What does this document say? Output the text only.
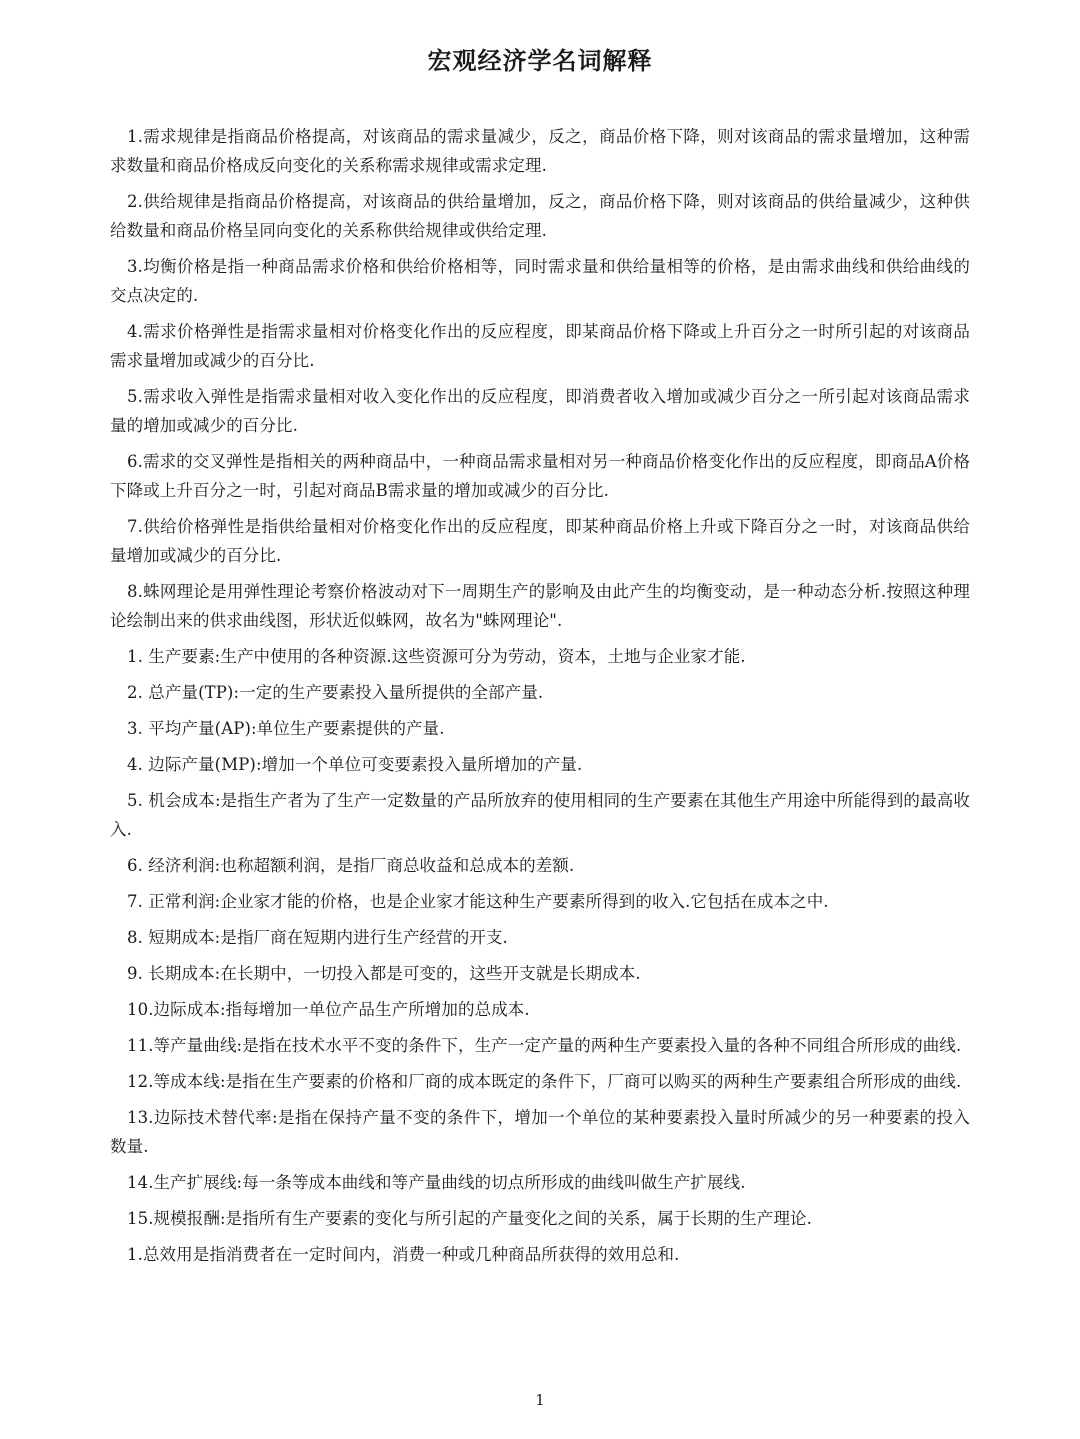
宏观经济学名词解释

1.需求规律是指商品价格提高，对该商品的需求量减少，反之，商品价格下降，则对该商品的需求量增加，这种需求数量和商品价格成反向变化的关系称需求规律或需求定理.

2.供给规律是指商品价格提高，对该商品的供给量增加，反之，商品价格下降，则对该商品的供给量减少，这种供给数量和商品价格呈同向变化的关系称供给规律或供给定理.

3.均衡价格是指一种商品需求价格和供给价格相等，同时需求量和供给量相等的价格，是由需求曲线和供给曲线的交点决定的.

4.需求价格弹性是指需求量相对价格变化作出的反应程度，即某商品价格下降或上升百分之一时所引起的对该商品需求量增加或减少的百分比.

5.需求收入弹性是指需求量相对收入变化作出的反应程度，即消费者收入增加或减少百分之一所引起对该商品需求量的增加或减少的百分比.

6.需求的交叉弹性是指相关的两种商品中，一种商品需求量相对另一种商品价格变化作出的反应程度，即商品A价格下降或上升百分之一时，引起对商品B需求量的增加或减少的百分比.

7.供给价格弹性是指供给量相对价格变化作出的反应程度，即某种商品价格上升或下降百分之一时，对该商品供给量增加或减少的百分比.

8.蛛网理论是用弹性理论考察价格波动对下一周期生产的影响及由此产生的均衡变动，是一种动态分析.按照这种理论绘制出来的供求曲线图，形状近似蛛网，故名为"蛛网理论".

1. 生产要素:生产中使用的各种资源.这些资源可分为劳动，资本，土地与企业家才能.

2. 总产量(TP):一定的生产要素投入量所提供的全部产量.

3. 平均产量(AP):单位生产要素提供的产量.

4. 边际产量(MP):增加一个单位可变要素投入量所增加的产量.

5. 机会成本:是指生产者为了生产一定数量的产品所放弃的使用相同的生产要素在其他生产用途中所能得到的最高收入.

6. 经济利润:也称超额利润，是指厂商总收益和总成本的差额.

7. 正常利润:企业家才能的价格，也是企业家才能这种生产要素所得到的收入.它包括在成本之中.

8. 短期成本:是指厂商在短期内进行生产经营的开支.

9. 长期成本:在长期中，一切投入都是可变的，这些开支就是长期成本.

10.边际成本:指每增加一单位产品生产所增加的总成本.

11.等产量曲线:是指在技术水平不变的条件下，生产一定产量的两种生产要素投入量的各种不同组合所形成的曲线.

12.等成本线:是指在生产要素的价格和厂商的成本既定的条件下，厂商可以购买的两种生产要素组合所形成的曲线.

13.边际技术替代率:是指在保持产量不变的条件下，增加一个单位的某种要素投入量时所减少的另一种要素的投入数量.

14.生产扩展线:每一条等成本曲线和等产量曲线的切点所形成的曲线叫做生产扩展线.

15.规模报酬:是指所有生产要素的变化与所引起的产量变化之间的关系，属于长期的生产理论.

1.总效用是指消费者在一定时间内，消费一种或几种商品所获得的效用总和.

1
